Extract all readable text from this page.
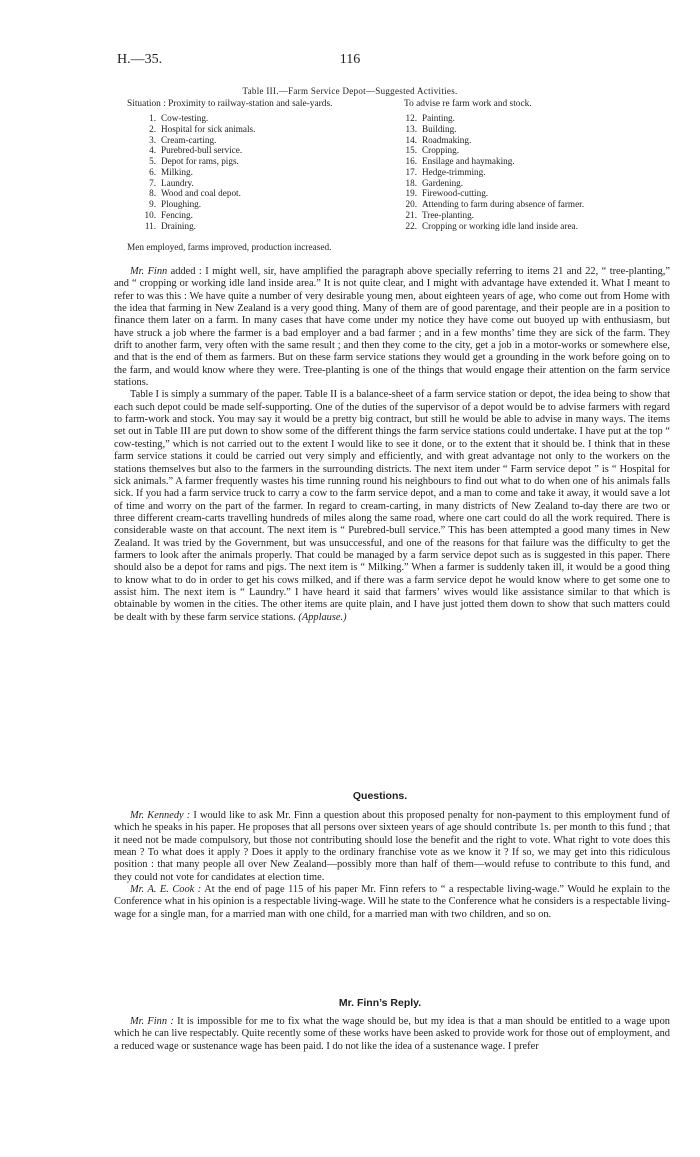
H.—35.	116
Table III.—Farm Service Depot—Suggested Activities.
Situation : Proximity to railway-station and sale-yards.	To advise re farm work and stock.
1. Cow-testing.
2. Hospital for sick animals.
3. Cream-carting.
4. Purebred-bull service.
5. Depot for rams, pigs.
6. Milking.
7. Laundry.
8. Wood and coal depot.
9. Ploughing.
10. Fencing.
11. Draining.
12. Painting.
13. Building.
14. Roadmaking.
15. Cropping.
16. Ensilage and haymaking.
17. Hedge-trimming.
18. Gardening.
19. Firewood-cutting.
20. Attending to farm during absence of farmer.
21. Tree-planting.
22. Cropping or working idle land inside area.
Men employed, farms improved, production increased.

Mr. Finn added : I might well, sir, have amplified the paragraph above specially referring to items 21 and 22, “ tree-planting,” and “ cropping or working idle land inside area.” It is not quite clear, and I might with advantage have extended it. What I meant to refer to was this : We have quite a number of very desirable young men, about eighteen years of age, who come out from Home with the idea that farming in New Zealand is a very good thing. Many of them are of good parentage, and their people are in a position to finance them later on a farm. In many cases that have come under my notice they have come out buoyed up with enthusiasm, but have struck a job where the farmer is a bad employer and a bad farmer ; and in a few months’ time they are sick of the farm. They drift to another farm, very often with the same result ; and then they come to the city, get a job in a motor-works or somewhere else, and that is the end of them as farmers. But on these farm service stations they would get a grounding in the work before going on to the farm, and would know where they were. Tree-planting is one of the things that would engage their attention on the farm service stations.

Table I is simply a summary of the paper. Table II is a balance-sheet of a farm service station or depot, the idea being to show that each such depot could be made self-supporting. One of the duties of the supervisor of a depot would be to advise farmers with regard to farm-work and stock. You may say it would be a pretty big contract, but still he would be able to advise in many ways. The items set out in Table III are put down to show some of the different things the farm service stations could undertake. I have put at the top “ cow-testing,” which is not carried out to the extent I would like to see it done, or to the extent that it should be. I think that in these farm service stations it could be carried out very simply and efficiently, and with great advantage not only to the workers on the stations themselves but also to the farmers in the surrounding districts. The next item under “ Farm service depot ” is “ Hospital for sick animals.” A farmer frequently wastes his time running round his neighbours to find out what to do when one of his animals falls sick. If you had a farm service truck to carry a cow to the farm service depot, and a man to come and take it away, it would save a lot of time and worry on the part of the farmer. In regard to cream-carting, in many districts of New Zealand to-day there are two or three different cream-carts travelling hundreds of miles along the same road, where one cart could do all the work required. There is considerable waste on that account. The next item is “ Purebred-bull service.” This has been attempted a good many times in New Zealand. It was tried by the Government, but was unsuccessful, and one of the reasons for that failure was the difficulty to get the farmers to look after the animals properly. That could be managed by a farm service depot such as is suggested in this paper. There should also be a depot for rams and pigs. The next item is “ Milking.” When a farmer is suddenly taken ill, it would be a good thing to know what to do in order to get his cows milked, and if there was a farm service depot he would know where to get some one to assist him. The next item is “ Laundry.” I have heard it said that farmers’ wives would like assistance similar to that which is obtainable by women in the cities. The other items are quite plain, and I have just jotted them down to show that such matters could be dealt with by these farm service stations. (Applause.)

Questions.

Mr. Kennedy : I would like to ask Mr. Finn a question about this proposed penalty for non-payment to this employment fund of which he speaks in his paper. He proposes that all persons over sixteen years of age should contribute 1s. per month to this fund ; that it need not be made compulsory, but those not contributing should lose the benefit and the right to vote. What right to vote does this mean ? To what does it apply ? Does it apply to the ordinary franchise vote as we know it ? If so, we may get into this ridiculous position : that many people all over New Zealand—possibly more than half of them—would refuse to contribute to this fund, and they could not vote for candidates at election time.

Mr. A. E. Cook : At the end of page 115 of his paper Mr. Finn refers to “ a respectable living-wage.” Would he explain to the Conference what in his opinion is a respectable living-wage. Will he state to the Conference what he considers is a respectable living-wage for a single man, for a married man with one child, for a married man with two children, and so on.

Mr. Finn’s Reply.

Mr. Finn : It is impossible for me to fix what the wage should be, but my idea is that a man should be entitled to a wage upon which he can live respectably. Quite recently some of these works have been asked to provide work for those out of employment, and a reduced wage or sustenance wage has been paid. I do not like the idea of a sustenance wage. I prefer
